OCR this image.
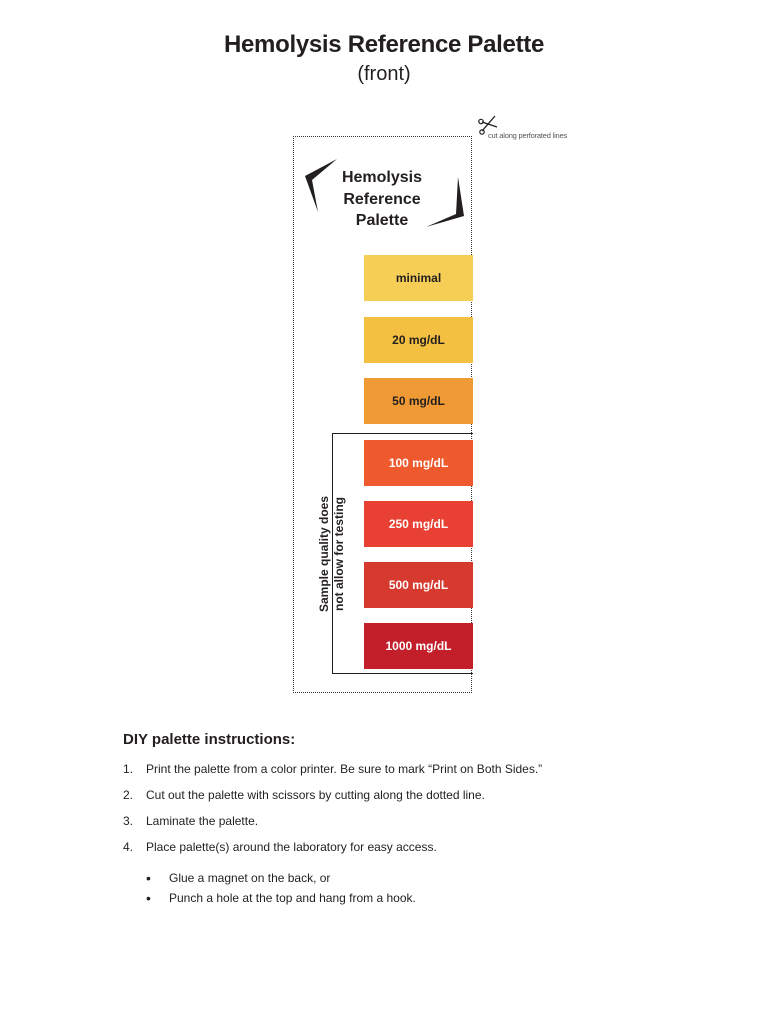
Hemolysis Reference Palette
(front)
cut along perforated lines
Hemolysis
Reference
Palette
minimal
20 mg/dL
50 mg/dL
100 mg/dL
250 mg/dL
500 mg/dL
1000 mg/dL
Sample quality does not allow for testing
DIY palette instructions:
1.	Print the palette from a color printer. Be sure to mark “Print on Both Sides.”
2.	Cut out the palette with scissors by cutting along the dotted line.
3.	Laminate the palette.
4.	Place palette(s) around the laboratory for easy access.
•	Glue a magnet on the back, or
•	Punch a hole at the top and hang from a hook.
